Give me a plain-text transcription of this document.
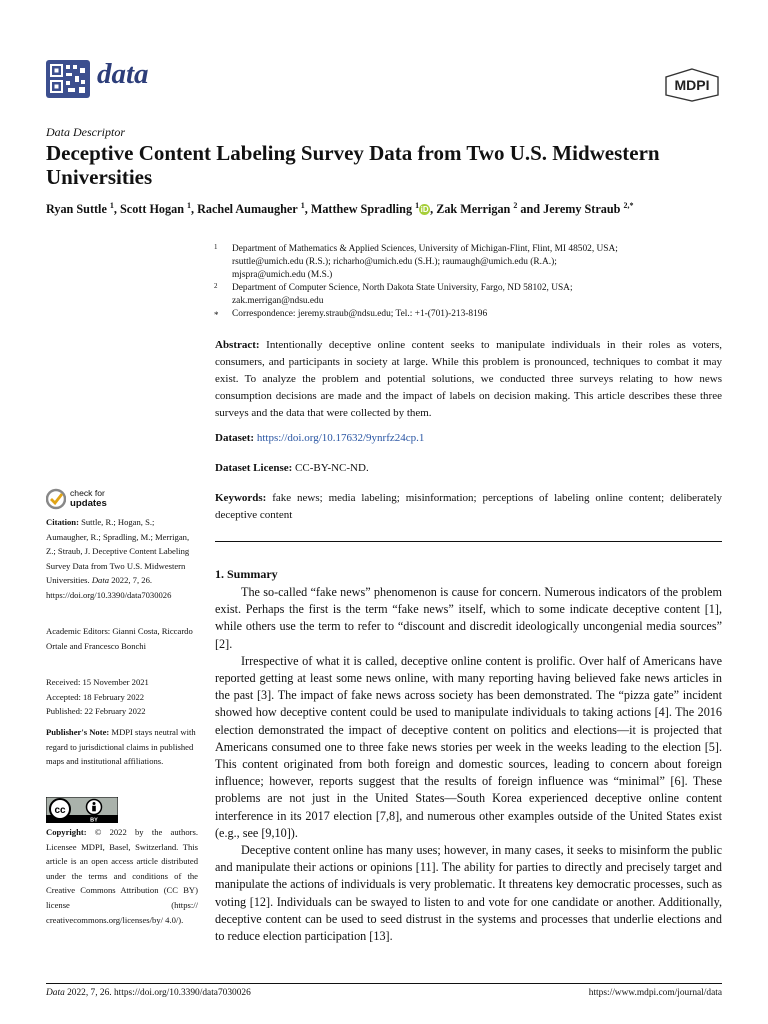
data	MDPI
Data Descriptor
Deceptive Content Labeling Survey Data from Two U.S. Midwestern Universities
Ryan Suttle $^1$, Scott Hogan $^1$, Rachel Aumaugher $^1$, Matthew Spradling $^1$ iD , Zak Merrigan $^2$ and Jeremy Straub $^{2,*}$
1 Department of Mathematics & Applied Sciences, University of Michigan-Flint, Flint, MI 48502, USA;
rsuttle@umich.edu (R.S.); richarho@umich.edu (S.H.); raumaugh@umich.edu (R.A.);
mjspra@umich.edu (M.S.)
2 Department of Computer Science, North Dakota State University, Fargo, ND 58102, USA;
zak.merrigan@ndsu.edu
* Correspondence: jeremy.straub@ndsu.edu; Tel.: +1-(701)-213-8196
Abstract: Intentionally deceptive online content seeks to manipulate individuals in their roles as voters, consumers, and participants in society at large. While this problem is pronounced, techniques to combat it may exist. To analyze the problem and potential solutions, we conducted three surveys relating to how news consumption decisions are made and the impact of labels on decision making. This article describes these three surveys and the data that were collected by them.
Dataset: https://doi.org/10.17632/9ynrfz24cp.1
Dataset License: CC-BY-NC-ND.
Keywords: fake news; media labeling; misinformation; perceptions of labeling online content; deliberately deceptive content
check for
updates

Citation: Suttle, R.; Hogan, S.; Aumaugher, R.; Spradling, M.; Merrigan, Z.; Straub, J. Deceptive Content Labeling Survey Data from Two U.S. Midwestern Universities. Data 2022, 7, 26. https://doi.org/10.3390/data7030026

Academic Editors: Gianni Costa, Riccardo Ortale and Francesco Bonchi

Received: 15 November 2021

Accepted: 18 February 2022

Published: 22 February 2022

Publisher's Note: MDPI stays neutral with regard to jurisdictional claims in published maps and institutional affiliations.

cc
BY

Copyright: © 2022 by the authors. Licensee MDPI, Basel, Switzerland. This article is an open access article distributed under the terms and conditions of the Creative Commons Attribution (CC BY) license (https:// creativecommons.org/licenses/by/ 4.0/).

1. Summary

The so-called “fake news” phenomenon is cause for concern. Numerous indicators of the problem exist. Perhaps the first is the term “fake news” itself, which to some indicate deceptive content [1], while others use the term to refer to “discount and discredit ideologically uncongenial media sources” [2].

Irrespective of what it is called, deceptive online content is prolific. Over half of Americans have reported getting at least some news online, with many reporting having believed fake news articles in the past [3]. The impact of fake news across society has been demonstrated. The “pizza gate” incident showed how deceptive content could be used to manipulate individuals to taking actions [4]. The 2016 election demonstrated the impact of deceptive content on politics and elections—it is projected that Americans consumed one to three fake news stories per week in the weeks leading to the election [5]. This content originated from both foreign and domestic sources, leading to concern about foreign influence; however, reports suggest that the results of foreign influence was “minimal” [6]. These problems are not just in the United States—South Korea experienced deceptive online content interference in its 2017 election [7,8], and numerous other examples outside of the United States exist (e.g., see [9,10]).

Deceptive content online has many uses; however, in many cases, it seeks to misinform the public and manipulate their actions or opinions [11]. The ability for parties to directly and precisely target and manipulate the actions of individuals is very problematic. It threatens key democratic processes, such as voting [12]. Individuals can be swayed to listen to and vote for one candidate or another. Additionally, deceptive content can be used to seed distrust in the systems and processes that underlie elections and to reduce election participation [13].

Data 2022, 7, 26. https://doi.org/10.3390/data7030026	https://www.mdpi.com/journal/data
